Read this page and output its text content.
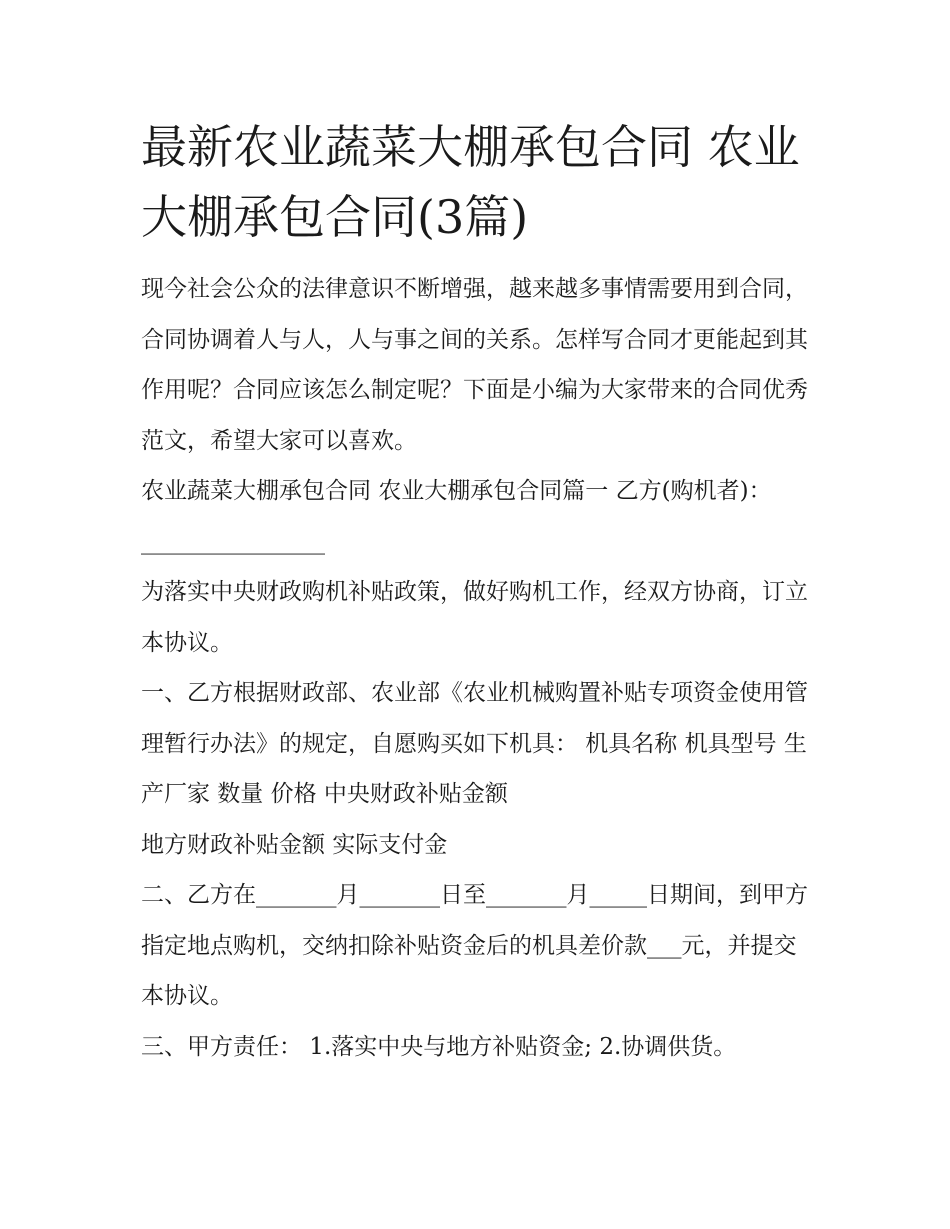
最新农业蔬菜大棚承包合同 农业大棚承包合同(3篇)

现今社会公众的法律意识不断增强，越来越多事情需要用到合同，合同协调着人与人，人与事之间的关系。怎样写合同才更能起到其作用呢？合同应该怎么制定呢？下面是小编为大家带来的合同优秀范文，希望大家可以喜欢。

农业蔬菜大棚承包合同 农业大棚承包合同篇一 乙方(购机者)：________________

为落实中央财政购机补贴政策，做好购机工作，经双方协商，订立本协议。

一、乙方根据财政部、农业部《农业机械购置补贴专项资金使用管理暂行办法》的规定，自愿购买如下机具： 机具名称 机具型号 生产厂家 数量 价格 中央财政补贴金额

地方财政补贴金额 实际支付金

二、乙方在_______月_______日至_______月_____日期间，到甲方指定地点购机，交纳扣除补贴资金后的机具差价款___元，并提交本协议。

三、甲方责任： 1.落实中央与地方补贴资金; 2.协调供货。
